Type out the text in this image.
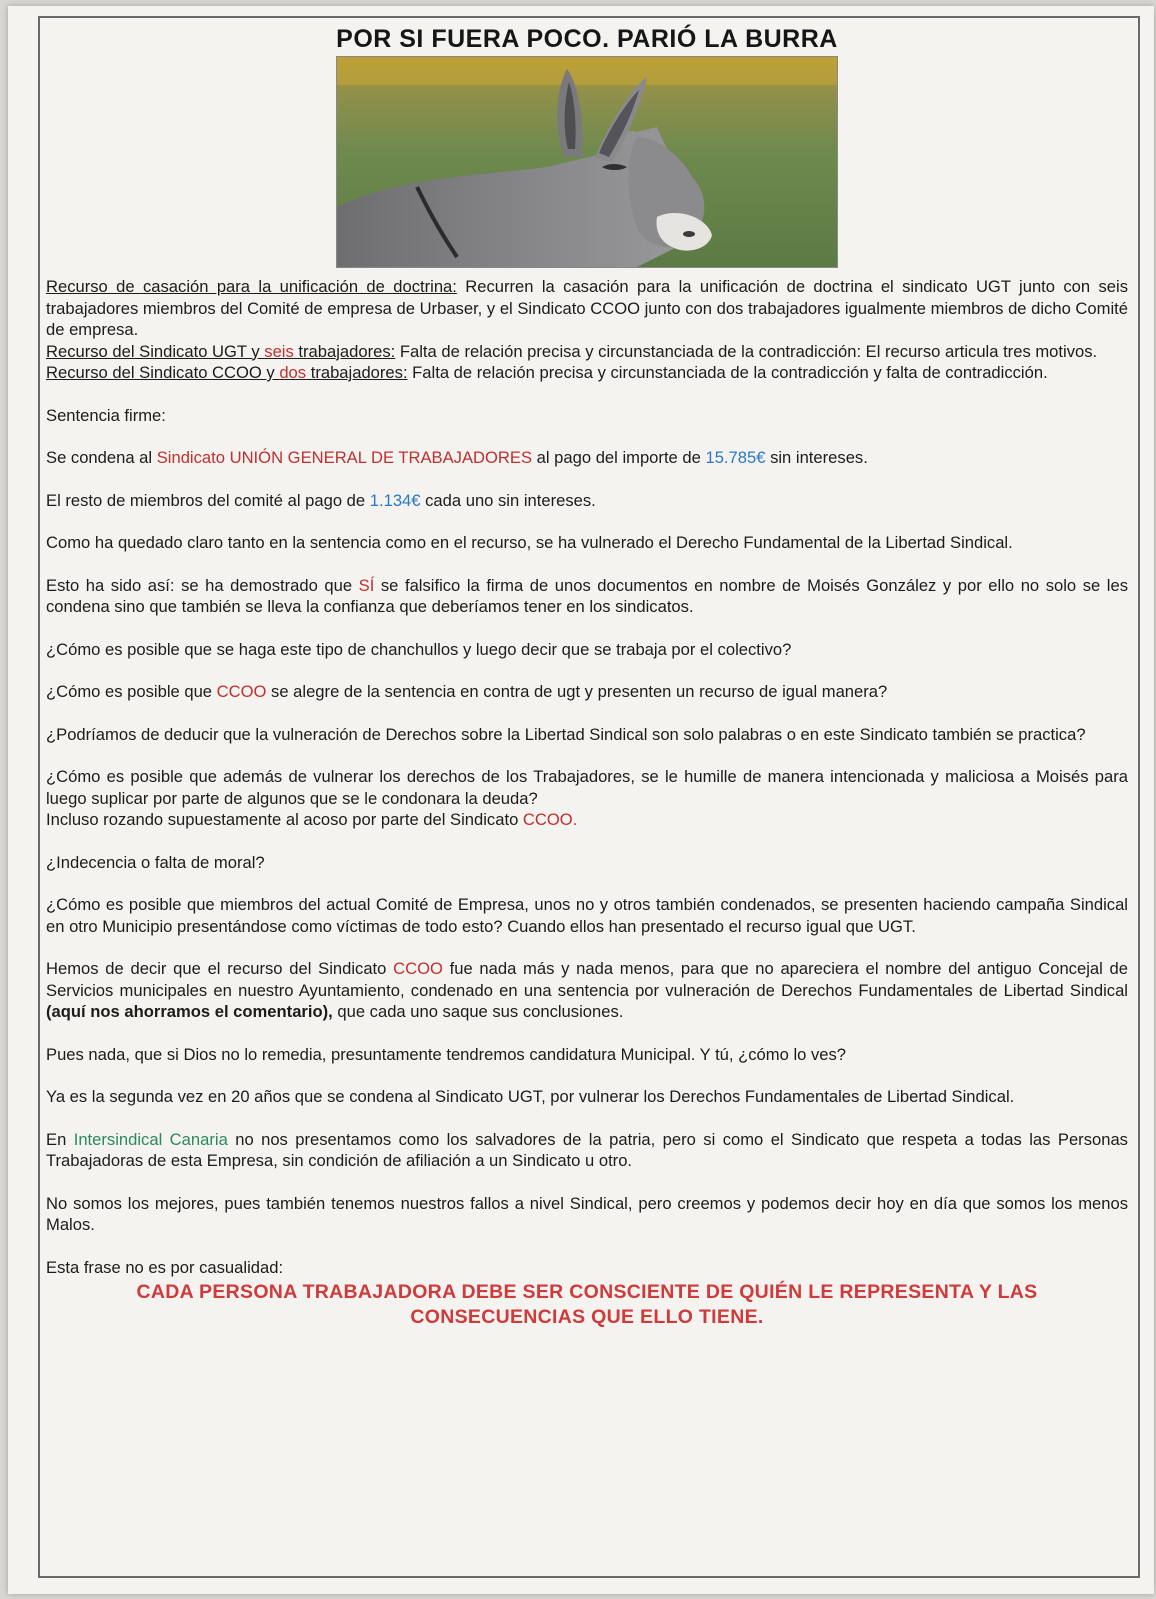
POR SI FUERA POCO. PARIÓ LA BURRA

Recurso de casación para la unificación de doctrina: Recurren la casación para la unificación de doctrina el sindicato UGT junto con seis trabajadores miembros del Comité de empresa de Urbaser, y el Sindicato CCOO junto con dos trabajadores igualmente miembros de dicho Comité de empresa.

Recurso del Sindicato UGT y seis trabajadores: Falta de relación precisa y circunstanciada de la contradicción: El recurso articula tres motivos.

Recurso del Sindicato CCOO y dos trabajadores: Falta de relación precisa y circunstanciada de la contradicción y falta de contradicción.

Sentencia firme:

Se condena al Sindicato UNIÓN GENERAL DE TRABAJADORES al pago del importe de 15.785€ sin intereses.

El resto de miembros del comité al pago de 1.134€ cada uno sin intereses.

Como ha quedado claro tanto en la sentencia como en el recurso, se ha vulnerado el Derecho Fundamental de la Libertad Sindical.

Esto ha sido así: se ha demostrado que SÍ se falsifico la firma de unos documentos en nombre de Moisés González y por ello no solo se les condena sino que también se lleva la confianza que deberíamos tener en los sindicatos.

¿Cómo es posible que se haga este tipo de chanchullos y luego decir que se trabaja por el colectivo?

¿Cómo es posible que CCOO se alegre de la sentencia en contra de ugt y presenten un recurso de igual manera?

¿Podríamos de deducir que la vulneración de Derechos sobre la Libertad Sindical son solo palabras o en este Sindicato también se practica?

¿Cómo es posible que además de vulnerar los derechos de los Trabajadores, se le humille de manera intencionada y maliciosa a Moisés para luego suplicar por parte de algunos que se le condonara la deuda?

Incluso rozando supuestamente al acoso por parte del Sindicato CCOO.

¿Indecencia o falta de moral?

¿Cómo es posible que miembros del actual Comité de Empresa, unos no y otros también condenados, se presenten haciendo campaña Sindical en otro Municipio presentándose como víctimas de todo esto? Cuando ellos han presentado el recurso igual que UGT.

Hemos de decir que el recurso del Sindicato CCOO fue nada más y nada menos, para que no apareciera el nombre del antiguo Concejal de Servicios municipales en nuestro Ayuntamiento, condenado en una sentencia por vulneración de Derechos Fundamentales de Libertad Sindical (aquí nos ahorramos el comentario), que cada uno saque sus conclusiones.

Pues nada, que si Dios no lo remedia, presuntamente tendremos candidatura Municipal. Y tú, ¿cómo lo ves?

Ya es la segunda vez en 20 años que se condena al Sindicato UGT, por vulnerar los Derechos Fundamentales de Libertad Sindical.

En Intersindical Canaria no nos presentamos como los salvadores de la patria, pero si como el Sindicato que respeta a todas las Personas Trabajadoras de esta Empresa, sin condición de afiliación a un Sindicato u otro.

No somos los mejores, pues también tenemos nuestros fallos a nivel Sindical, pero creemos y podemos decir hoy en día que somos los menos Malos.

Esta frase no es por casualidad:

CADA PERSONA TRABAJADORA DEBE SER CONSCIENTE DE QUIÉN LE REPRESENTA Y LAS
CONSECUENCIAS QUE ELLO TIENE.
